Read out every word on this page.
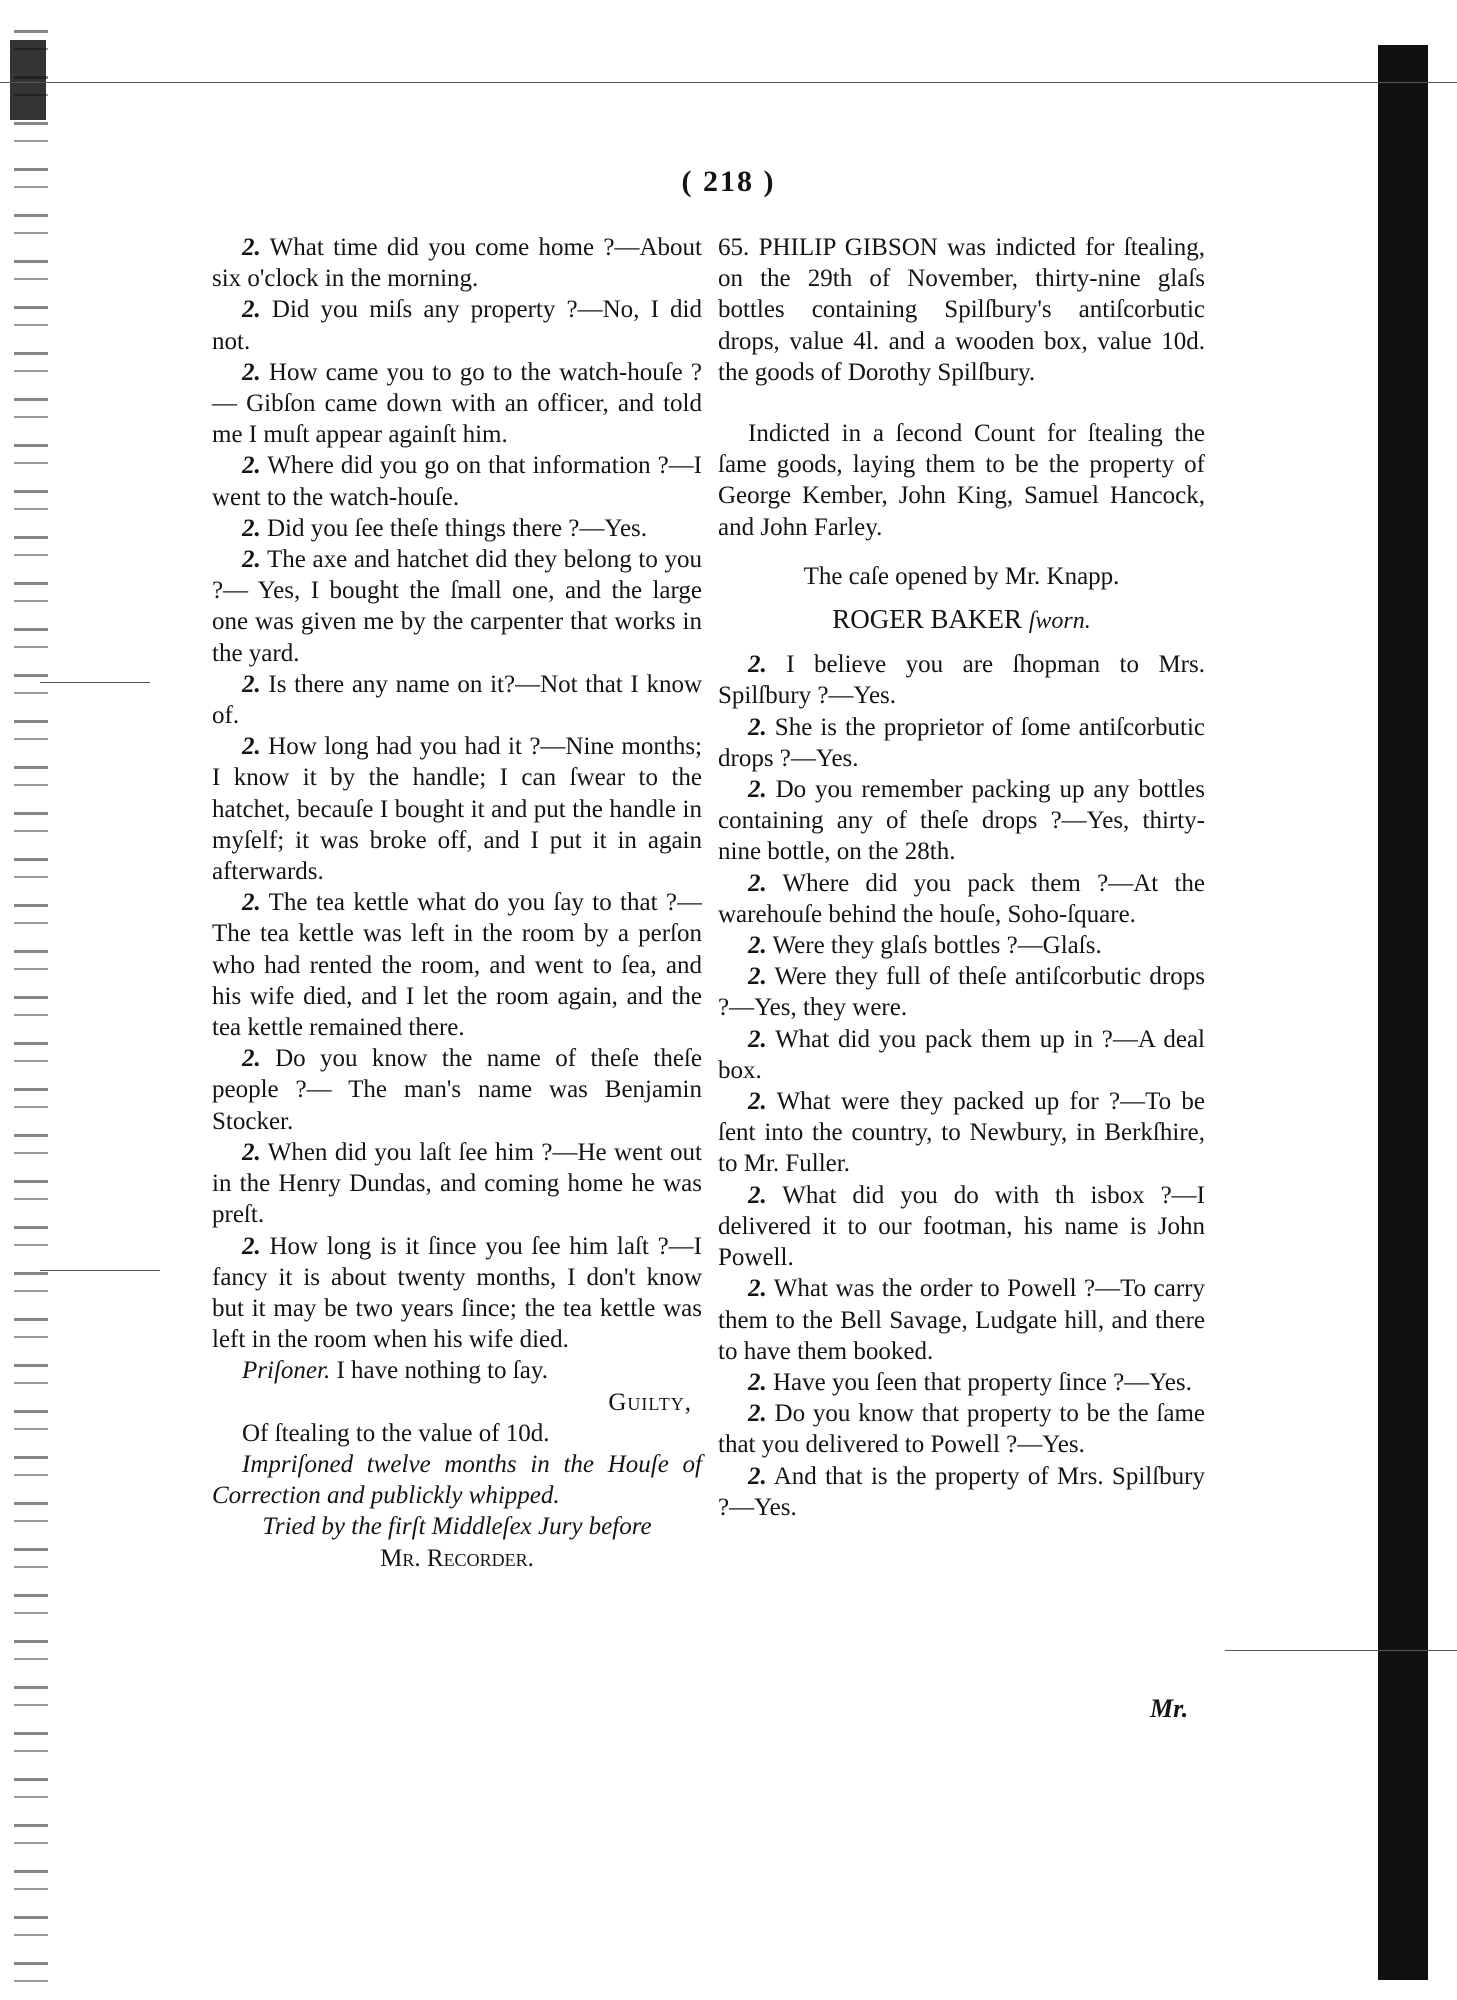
( 218 )

2. What time did you come home ?—About six o'clock in the morning.

2. Did you miſs any property ?—No, I did not.

2. How came you to go to the watch-houſe ?— Gibſon came down with an officer, and told me I muſt appear againſt him.

2. Where did you go on that information ?—I went to the watch-houſe.

2. Did you ſee theſe things there ?—Yes.

2. The axe and hatchet did they belong to you ?— Yes, I bought the ſmall one, and the large one was given me by the carpenter that works in the yard.

2. Is there any name on it?—Not that I know of.

2. How long had you had it ?—Nine months; I know it by the handle; I can ſwear to the hatchet, becauſe I bought it and put the handle in myſelf; it was broke off, and I put it in again afterwards.

2. The tea kettle what do you ſay to that ?—The tea kettle was left in the room by a perſon who had rented the room, and went to ſea, and his wife died, and I let the room again, and the tea kettle remained there.

2. Do you know the name of theſe theſe people ?— The man's name was Benjamin Stocker.

2. When did you laſt ſee him ?—He went out in the Henry Dundas, and coming home he was preſt.

2. How long is it ſince you ſee him laſt ?—I fancy it is about twenty months, I don't know but it may be two years ſince; the tea kettle was left in the room when his wife died.

Priſoner. I have nothing to ſay.

Guilty,

Of ſtealing to the value of 10d.

Impriſoned twelve months in the Houſe of Correction and publickly whipped.

Tried by the firſt Middleſex Jury before

Mr. Recorder.

65. PHILIP GIBSON was indicted for ſtealing, on the 29th of November, thirty-nine glaſs bottles containing Spilſbury's antiſcorbutic drops, value 4l. and a wooden box, value 10d. the goods of Dorothy Spilſbury.

Indicted in a ſecond Count for ſtealing the ſame goods, laying them to be the property of George Kember, John King, Samuel Hancock, and John Farley.

The caſe opened by Mr. Knapp.

ROGER BAKER ſworn.

2. I believe you are ſhopman to Mrs. Spilſbury ?—Yes.

2. She is the proprietor of ſome antiſcorbutic drops ?—Yes.

2. Do you remember packing up any bottles containing any of theſe drops ?—Yes, thirty-nine bottle, on the 28th.

2. Where did you pack them ?—At the warehouſe behind the houſe, Soho-ſquare.

2. Were they glaſs bottles ?—Glaſs.

2. Were they full of theſe antiſcorbutic drops ?—Yes, they were.

2. What did you pack them up in ?—A deal box.

2. What were they packed up for ?—To be ſent into the country, to Newbury, in Berkſhire, to Mr. Fuller.

2. What did you do with th isbox ?—I delivered it to our footman, his name is John Powell.

2. What was the order to Powell ?—To carry them to the Bell Savage, Ludgate hill, and there to have them booked.

2. Have you ſeen that property ſince ?—Yes.

2. Do you know that property to be the ſame that you delivered to Powell ?—Yes.

2. And that is the property of Mrs. Spilſbury ?—Yes.

Mr.
